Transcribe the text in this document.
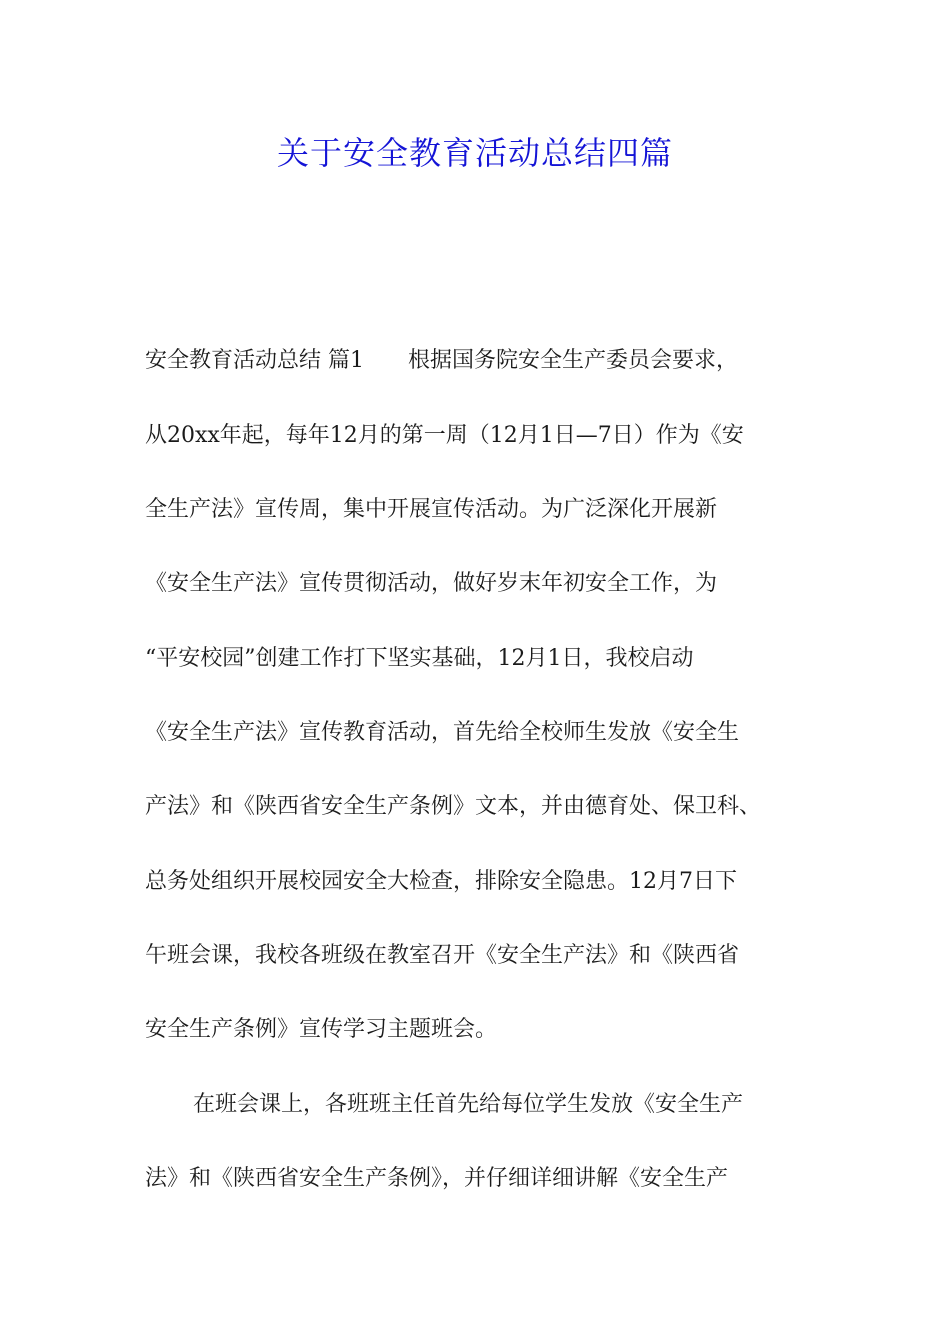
关于安全教育活动总结四篇
安全教育活动总结 篇1　　根据国务院安全生产委员会要求，
从20xx年起，每年12月的第一周（12月1日—7日）作为《安
全生产法》宣传周，集中开展宣传活动。为广泛深化开展新
《安全生产法》宣传贯彻活动，做好岁末年初安全工作，为
“平安校园”创建工作打下坚实基础，12月1日，我校启动
《安全生产法》宣传教育活动，首先给全校师生发放《安全生
产法》和《陕西省安全生产条例》文本，并由德育处、保卫科、
总务处组织开展校园安全大检查，排除安全隐患。12月7日下
午班会课，我校各班级在教室召开《安全生产法》和《陕西省
安全生产条例》宣传学习主题班会。
在班会课上，各班班主任首先给每位学生发放《安全生产
法》和《陕西省安全生产条例》，并仔细详细讲解《安全生产
